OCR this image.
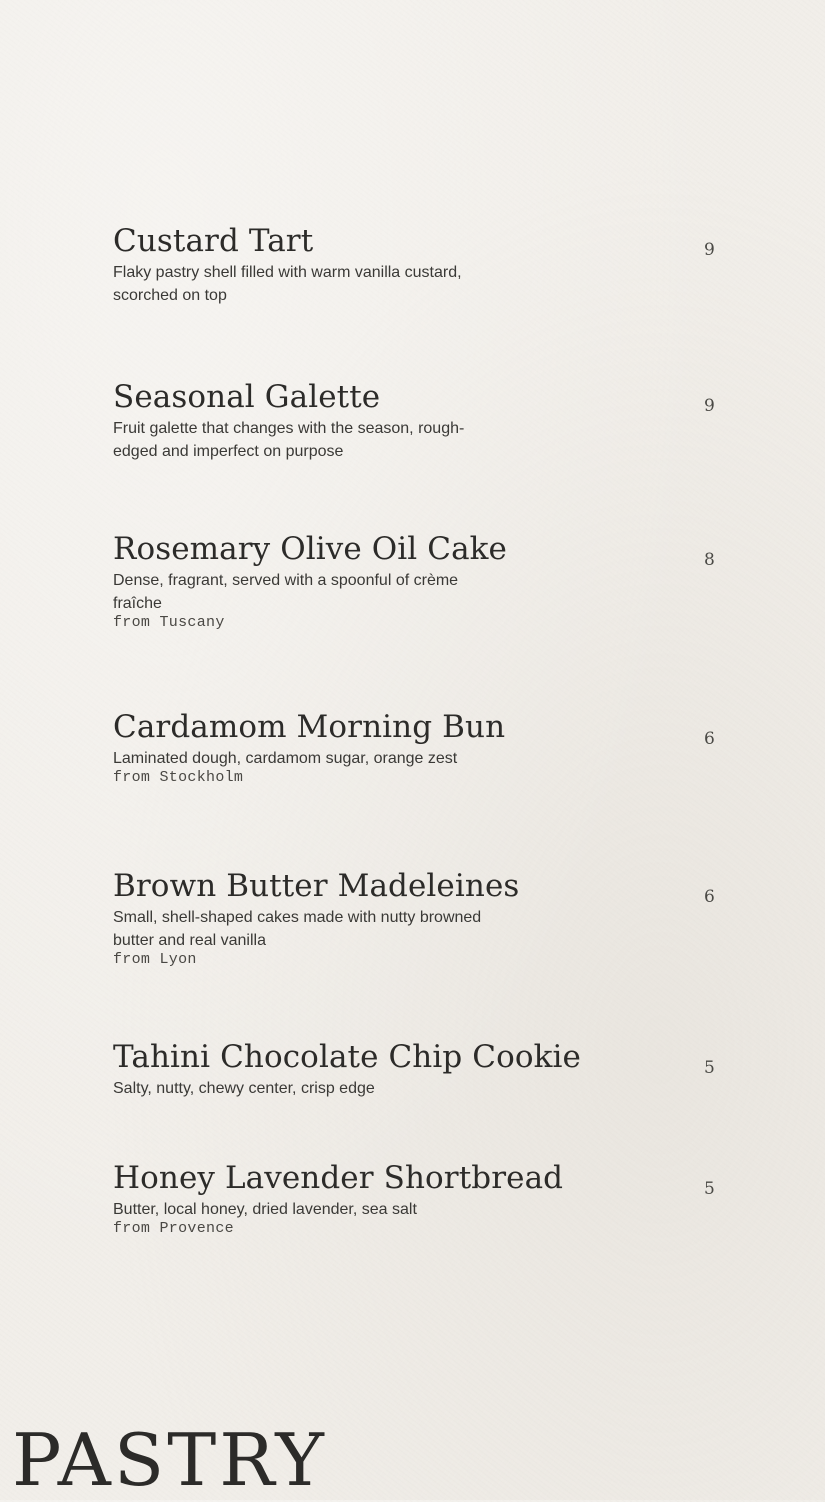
Custard Tart
Flaky pastry shell filled with warm vanilla custard, scorched on top
9
Seasonal Galette
Fruit galette that changes with the season, rough-edged and imperfect on purpose
9
Rosemary Olive Oil Cake
Dense, fragrant, served with a spoonful of crème fraîche
from Tuscany
8
Cardamom Morning Bun
Laminated dough, cardamom sugar, orange zest
from Stockholm
6
Brown Butter Madeleines
Small, shell-shaped cakes made with nutty browned butter and real vanilla
from Lyon
6
Tahini Chocolate Chip Cookie
Salty, nutty, chewy center, crisp edge
5
Honey Lavender Shortbread
Butter, local honey, dried lavender, sea salt
from Provence
5
PASTRY
